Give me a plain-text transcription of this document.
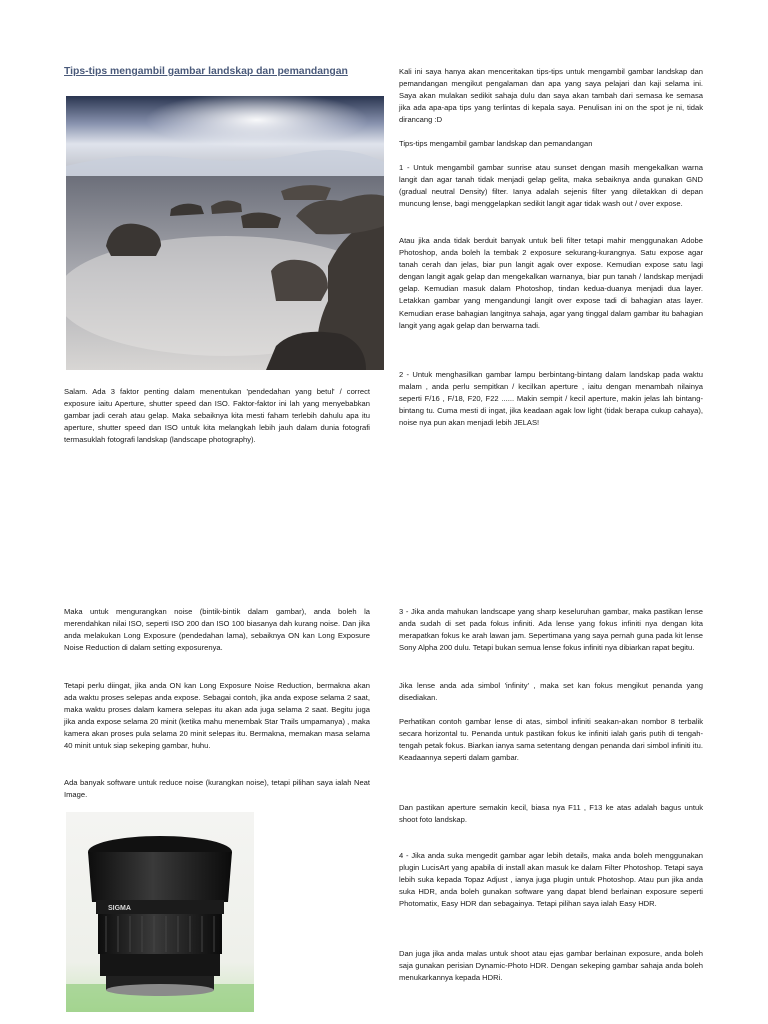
Tips-tips mengambil gambar landskap dan pemandangan

Salam. Ada 3 faktor penting dalam menentukan 'pendedahan yang betul' / correct exposure iaitu Aperture, shutter speed dan ISO. Faktor-faktor ini lah yang menyebabkan gambar jadi cerah atau gelap. Maka sebaiknya kita mesti faham terlebih dahulu apa itu aperture, shutter speed dan ISO untuk kita melangkah lebih jauh dalam dunia fotografi termasuklah fotografi landskap (landscape photography).

Kali ini saya hanya akan menceritakan tips-tips untuk mengambil gambar landskap dan pemandangan mengikut pengalaman dan apa yang saya pelajari dan kaji selama ini. Saya akan mulakan sedikit sahaja dulu dan saya akan tambah dari semasa ke semasa jika ada apa-apa tips yang terlintas di kepala saya. Penulisan ini on the spot je ni, tidak dirancang :D

Tips-tips mengambil gambar landskap dan pemandangan

1 - Untuk mengambil gambar sunrise atau sunset dengan masih mengekalkan warna langit dan agar tanah tidak menjadi gelap gelita, maka sebaiknya anda gunakan GND (gradual neutral Density) filter. Ianya adalah sejenis filter yang diletakkan di depan muncung lense, bagi menggelapkan sedikit langit agar tidak wash out / over expose.

Atau jika anda tidak berduit banyak untuk beli filter tetapi mahir menggunakan Adobe Photoshop, anda boleh la tembak 2 exposure sekurang-kurangnya. Satu expose agar tanah cerah dan jelas, biar pun langit agak over expose. Kemudian expose satu lagi dengan langit agak gelap dan mengekalkan warnanya, biar pun tanah / landskap menjadi gelap. Kemudian masuk dalam Photoshop, tindan kedua-duanya menjadi dua layer. Letakkan gambar yang mengandungi langit over expose tadi di bahagian atas layer. Kemudian erase bahagian langitnya sahaja, agar yang tinggal dalam gambar itu bahagian langit yang agak gelap dan berwarna tadi.

2 - Untuk menghasilkan gambar lampu berbintang-bintang dalam landskap pada waktu malam , anda perlu sempitkan / kecilkan aperture , iaitu dengan menambah nilainya seperti F/16 , F/18, F20, F22 ...... Makin sempit / kecil aperture, makin jelas lah bintang-bintang tu. Cuma mesti di ingat, jika keadaan agak low light (tidak berapa cukup cahaya), noise nya pun akan menjadi lebih JELAS!

Maka untuk mengurangkan noise (bintik-bintik dalam gambar), anda boleh la merendahkan nilai ISO, seperti ISO 200 dan ISO 100 biasanya dah kurang noise. Dan jika anda melakukan Long Exposure (pendedahan lama), sebaiknya ON kan Long Exposure Noise Reduction di dalam setting exposurenya.

Tetapi perlu diingat, jika anda ON kan Long Exposure Noise Reduction, bermakna akan ada waktu proses selepas anda expose. Sebagai contoh, jika anda expose selama 2 saat, maka waktu proses dalam kamera selepas itu akan ada juga selama 2 saat. Begitu juga jika anda expose selama 20 minit (ketika mahu menembak Star Trails umpamanya) , maka kamera akan proses pula selama 20 minit selepas itu. Bermakna, memakan masa selama 40 minit untuk siap sekeping gambar, huhu.

Ada banyak software untuk reduce noise (kurangkan noise), tetapi pilihan saya ialah Neat Image.

SIGMA

3 - Jika anda mahukan landscape yang sharp keseluruhan gambar, maka pastikan lense anda sudah di set pada fokus infiniti. Ada lense yang fokus infiniti nya dengan kita merapatkan fokus ke arah lawan jam. Sepertimana yang saya pernah guna pada kit lense Sony Alpha 200 dulu. Tetapi bukan semua lense fokus infiniti nya dibiarkan rapat begitu.

Jika lense anda ada simbol 'infinity' , maka set kan fokus mengikut penanda yang disediakan.

Perhatikan contoh gambar lense di atas, simbol infiniti seakan-akan nombor 8 terbalik secara horizontal tu. Penanda untuk pastikan fokus ke infiniti ialah garis putih di tengah-tengah petak fokus. Biarkan ianya sama setentang dengan penanda dari simbol infiniti itu. Keadaannya seperti dalam gambar.

Dan pastikan aperture semakin kecil, biasa nya F11 , F13 ke atas adalah bagus untuk shoot foto landskap.

4 - Jika anda suka mengedit gambar agar lebih details, maka anda boleh menggunakan plugin LucisArt yang apabila di install akan masuk ke dalam Filter Photoshop. Tetapi saya lebih suka kepada Topaz Adjust , ianya juga plugin untuk Photoshop. Atau pun jika anda suka HDR, anda boleh gunakan software yang dapat blend berlainan exposure seperti Photomatix, Easy HDR dan sebagainya. Tetapi pilihan saya ialah Easy HDR.

Dan juga jika anda malas untuk shoot atau ejas gambar berlainan exposure, anda boleh saja gunakan perisian Dynamic-Photo HDR. Dengan sekeping gambar sahaja anda boleh menukarkannya kepada HDRi.
